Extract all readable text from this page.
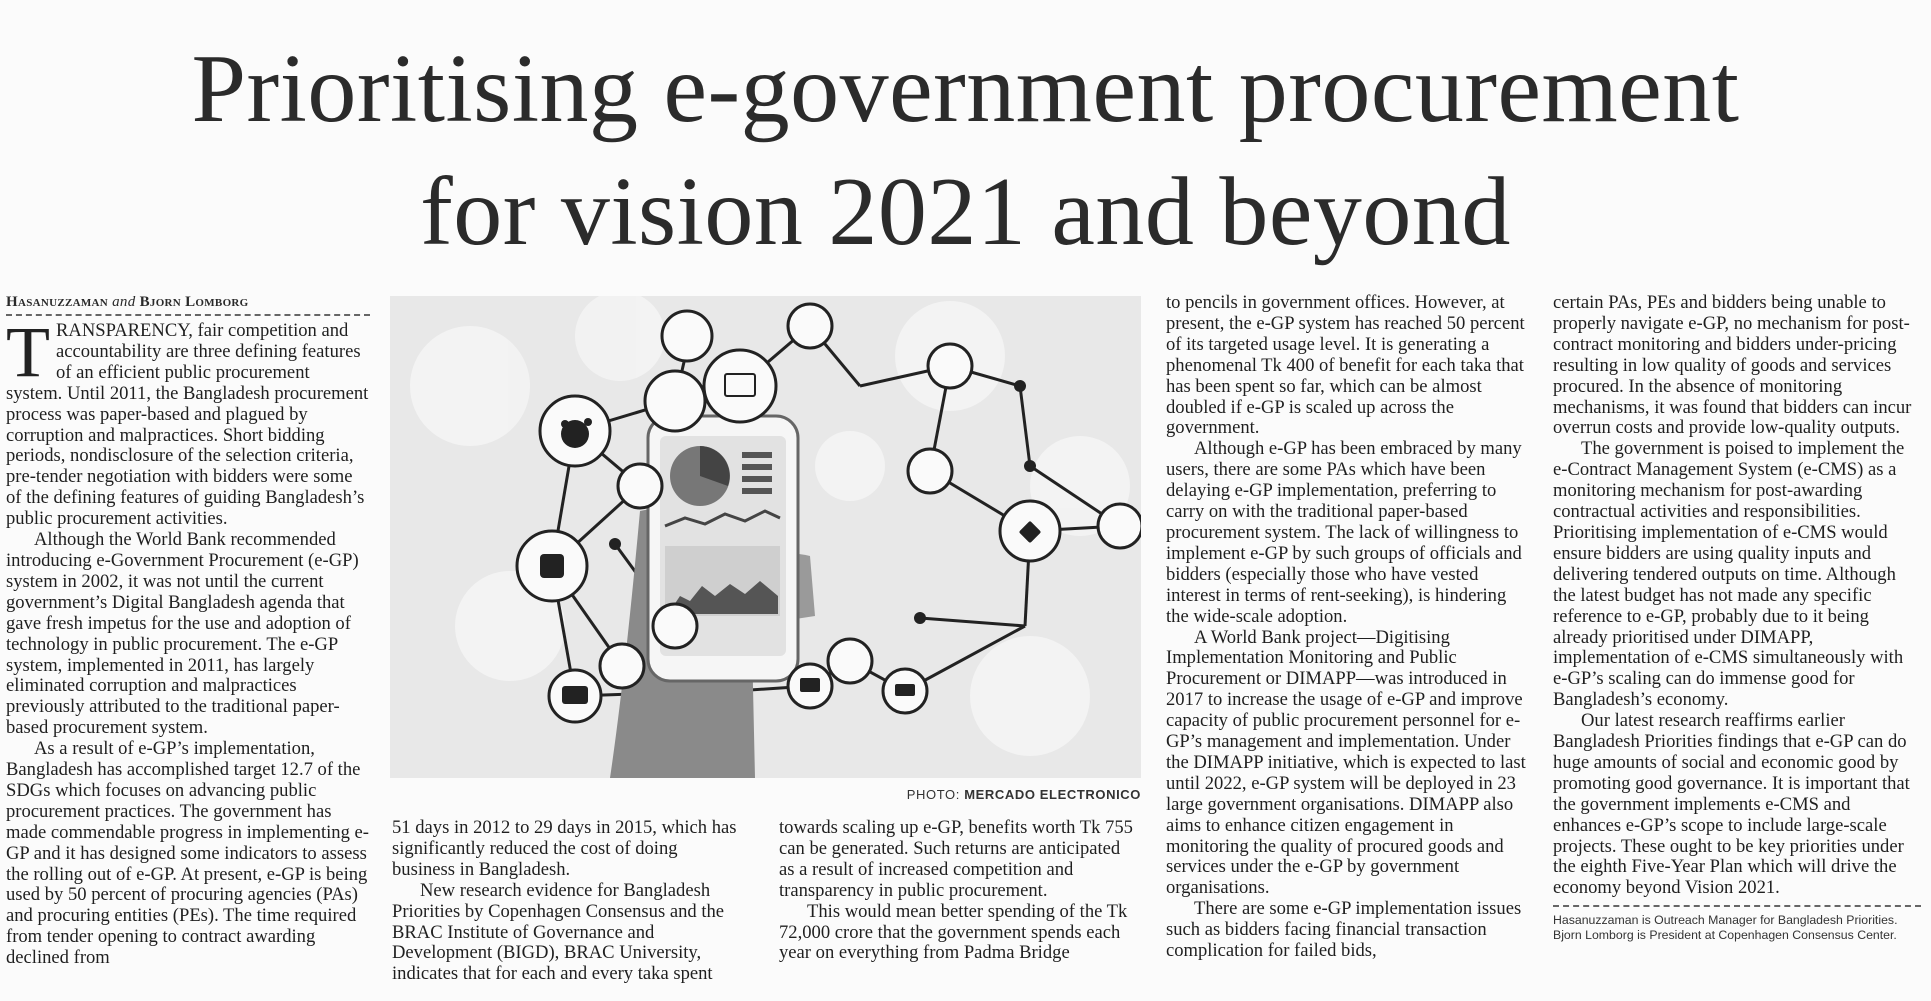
Prioritising e-government procurement
for vision 2021 and beyond
Hasanuzzaman and Bjorn Lomborg

TRANSPARENCY, fair competition and accountability are three defining features of an efficient public procurement system. Until 2011, the Bangladesh procurement process was paper-based and plagued by corruption and malpractices. Short bidding periods, nondisclosure of the selection criteria, pre-tender negotiation with bidders were some of the defining features of guiding Bangladesh’s public procurement activities.

Although the World Bank recommended introducing e-Government Procurement (e-GP) system in 2002, it was not until the current government’s Digital Bangladesh agenda that gave fresh impetus for the use and adoption of technology in public procurement. The e-GP system, implemented in 2011, has largely eliminated corruption and malpractices previously attributed to the traditional paper-based procurement system.

As a result of e-GP’s implementation, Bangladesh has accomplished target 12.7 of the SDGs which focuses on advancing public procurement practices. The government has made commendable progress in implementing e-GP and it has designed some indicators to assess the rolling out of e-GP. At present, e-GP is being used by 50 percent of procuring agencies (PAs) and procuring entities (PEs). The time required from tender opening to contract awarding declined from

PHOTO: MERCADO ELECTRONICO

51 days in 2012 to 29 days in 2015, which has significantly reduced the cost of doing business in Bangladesh.

New research evidence for Bangladesh Priorities by Copenhagen Consensus and the BRAC Institute of Governance and Development (BIGD), BRAC University, indicates that for each and every taka spent

towards scaling up e-GP, benefits worth Tk 755 can be generated. Such returns are anticipated as a result of increased competition and transparency in public procurement.

This would mean better spending of the Tk 72,000 crore that the government spends each year on everything from Padma Bridge

to pencils in government offices. However, at present, the e-GP system has reached 50 percent of its targeted usage level. It is generating a phenomenal Tk 400 of benefit for each taka that has been spent so far, which can be almost doubled if e-GP is scaled up across the government.

Although e-GP has been embraced by many users, there are some PAs which have been delaying e-GP implementation, preferring to carry on with the traditional paper-based procurement system. The lack of willingness to implement e-GP by such groups of officials and bidders (especially those who have vested interest in terms of rent-seeking), is hindering the wide-scale adoption.

A World Bank project—Digitising Implementation Monitoring and Public Procurement or DIMAPP—was introduced in 2017 to increase the usage of e-GP and improve capacity of public procurement personnel for e-GP’s management and implementation. Under the DIMAPP initiative, which is expected to last until 2022, e-GP system will be deployed in 23 large government organisations. DIMAPP also aims to enhance citizen engagement in monitoring the quality of procured goods and services under the e-GP by government organisations.

There are some e-GP implementation issues such as bidders facing financial transaction complication for failed bids,

certain PAs, PEs and bidders being unable to properly navigate e-GP, no mechanism for post-contract monitoring and bidders under-pricing resulting in low quality of goods and services procured. In the absence of monitoring mechanisms, it was found that bidders can incur overrun costs and provide low-quality outputs.

The government is poised to implement the e-Contract Management System (e-CMS) as a monitoring mechanism for post-awarding contractual activities and responsibilities. Prioritising implementation of e-CMS would ensure bidders are using quality inputs and delivering tendered outputs on time. Although the latest budget has not made any specific reference to e-GP, probably due to it being already prioritised under DIMAPP, implementation of e-CMS simultaneously with e-GP’s scaling can do immense good for Bangladesh’s economy.

Our latest research reaffirms earlier Bangladesh Priorities findings that e-GP can do huge amounts of social and economic good by promoting good governance. It is important that the government implements e-CMS and enhances e-GP’s scope to include large-scale projects. These ought to be key priorities under the eighth Five-Year Plan which will drive the economy beyond Vision 2021.

Hasanuzzaman is Outreach Manager for Bangladesh Priorities. Bjorn Lomborg is President at Copenhagen Consensus Center.
